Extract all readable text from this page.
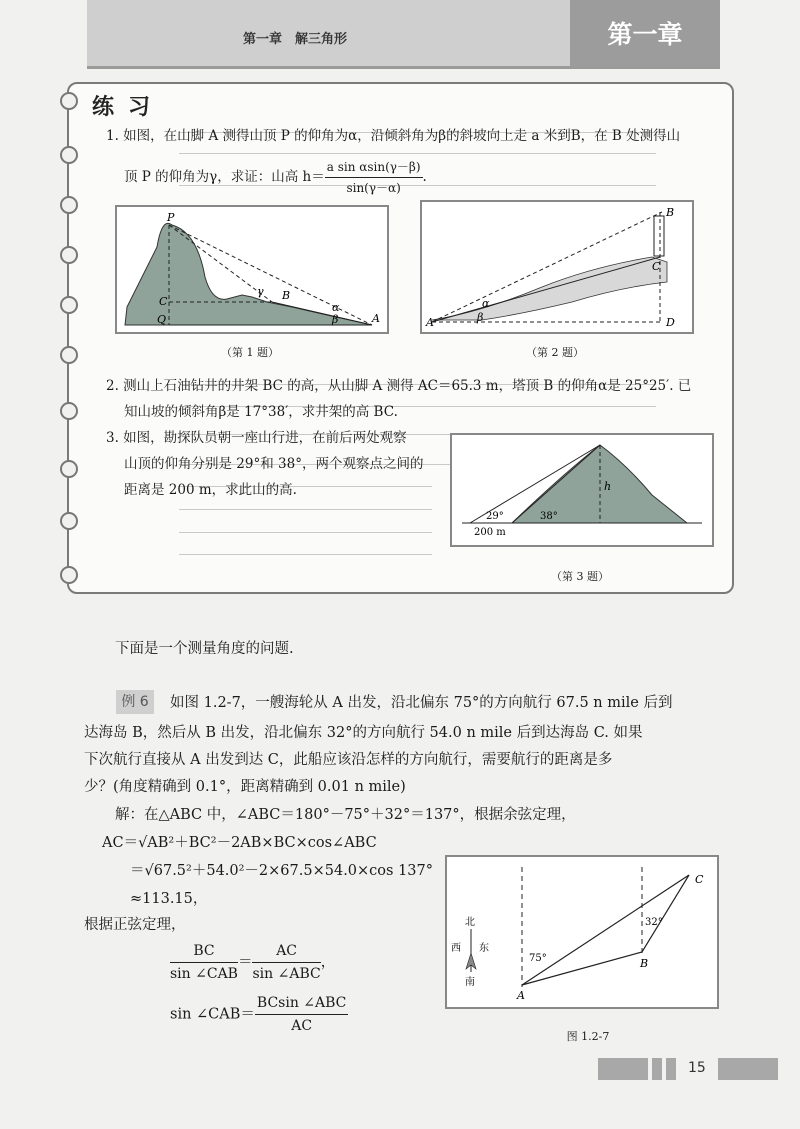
第一章　解三角形	第一章
练习
1. 如图，在山脚 A 测得山顶 P 的仰角为α，沿倾斜角为β的斜坡向上走 a 米到B，在 B 处测得山
顶 P 的仰角为γ，求证：山高 $h= \frac{\text{a sin αsin(γ－β)}}{\sin(\gamma-\alpha)}$ .
P
A
B
C
Q
α
β
γ
（第 1 题）
A
B
C
D
α
β
（第 2 题）
2. 测山上石油钻井的井架 BC 的高，从山脚 A 测得 AC＝65.3 m，塔顶 B 的仰角α是 25°25′. 已
知山坡的倾斜角β是 17°38′，求井架的高 BC.
3. 如图，勘探队员朝一座山行进，在前后两处观察
山顶的仰角分别是 29°和 38°，两个观察点之间的
距离是 200 m，求此山的高.	h
29°	38°
200 m
（第 3 题）
下面是一个测量角度的问题.
例 6	如图 1.2-7，一艘海轮从 A 出发，沿北偏东 75°的方向航行 67.5 n mile 后到
达海岛 B，然后从 B 出发，沿北偏东 32°的方向航行 54.0 n mile 后到达海岛 C. 如果
下次航行直接从 A 出发到达 C，此船应该沿怎样的方向航行，需要航行的距离是多
少？(角度精确到 0.1°，距离精确到 0.01 n mile)
解：在△ABC 中，∠ABC＝180°－75°＋32°＝137°，根据余弦定理，
AC＝√AB²＋BC²－2AB×BC×cos∠ABC
＝√67.5²＋54.0²－2×67.5×54.0×cos 137°
≈113.15，
根据正弦定理，
$\frac{BC}{\text{sin ∠CAB}} = \frac{AC}{\text{sin ∠ABC}}$ ，
sin ∠CAB＝ $\frac{\text{BCsin ∠ABC}}{AC}$	A
B
C
75°
32°
北
南
西 东
图 1.2-7
15
